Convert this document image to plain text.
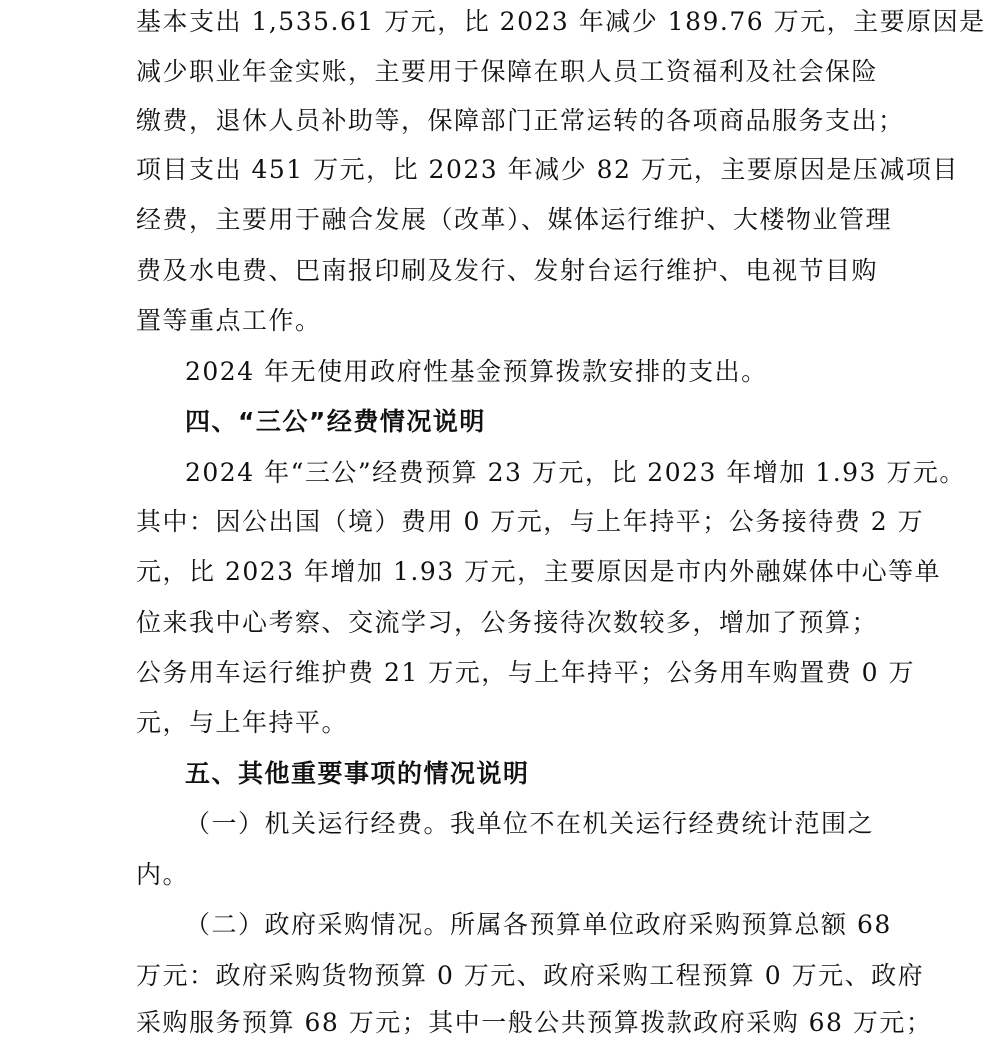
基本支出 1,535.61 万元，比 2023 年减少 189.76 万元，主要原因是
减少职业年金实账，主要用于保障在职人员工资福利及社会保险
缴费，退休人员补助等，保障部门正常运转的各项商品服务支出；
项目支出 451 万元，比 2023 年减少 82 万元，主要原因是压减项目
经费，主要用于融合发展（改革）、媒体运行维护、大楼物业管理
费及水电费、巴南报印刷及发行、发射台运行维护、电视节目购
置等重点工作。
2024 年无使用政府性基金预算拨款安排的支出。
四、“三公”经费情况说明
2024 年“三公”经费预算 23 万元，比 2023 年增加 1.93 万元。
其中：因公出国（境）费用 0 万元，与上年持平；公务接待费 2 万
元，比 2023 年增加 1.93 万元，主要原因是市内外融媒体中心等单
位来我中心考察、交流学习，公务接待次数较多，增加了预算；
公务用车运行维护费 21 万元，与上年持平；公务用车购置费 0 万
元，与上年持平。
五、其他重要事项的情况说明
（一）机关运行经费。我单位不在机关运行经费统计范围之
内。
（二）政府采购情况。所属各预算单位政府采购预算总额 68
万元：政府采购货物预算 0 万元、政府采购工程预算 0 万元、政府
采购服务预算 68 万元；其中一般公共预算拨款政府采购 68 万元；
